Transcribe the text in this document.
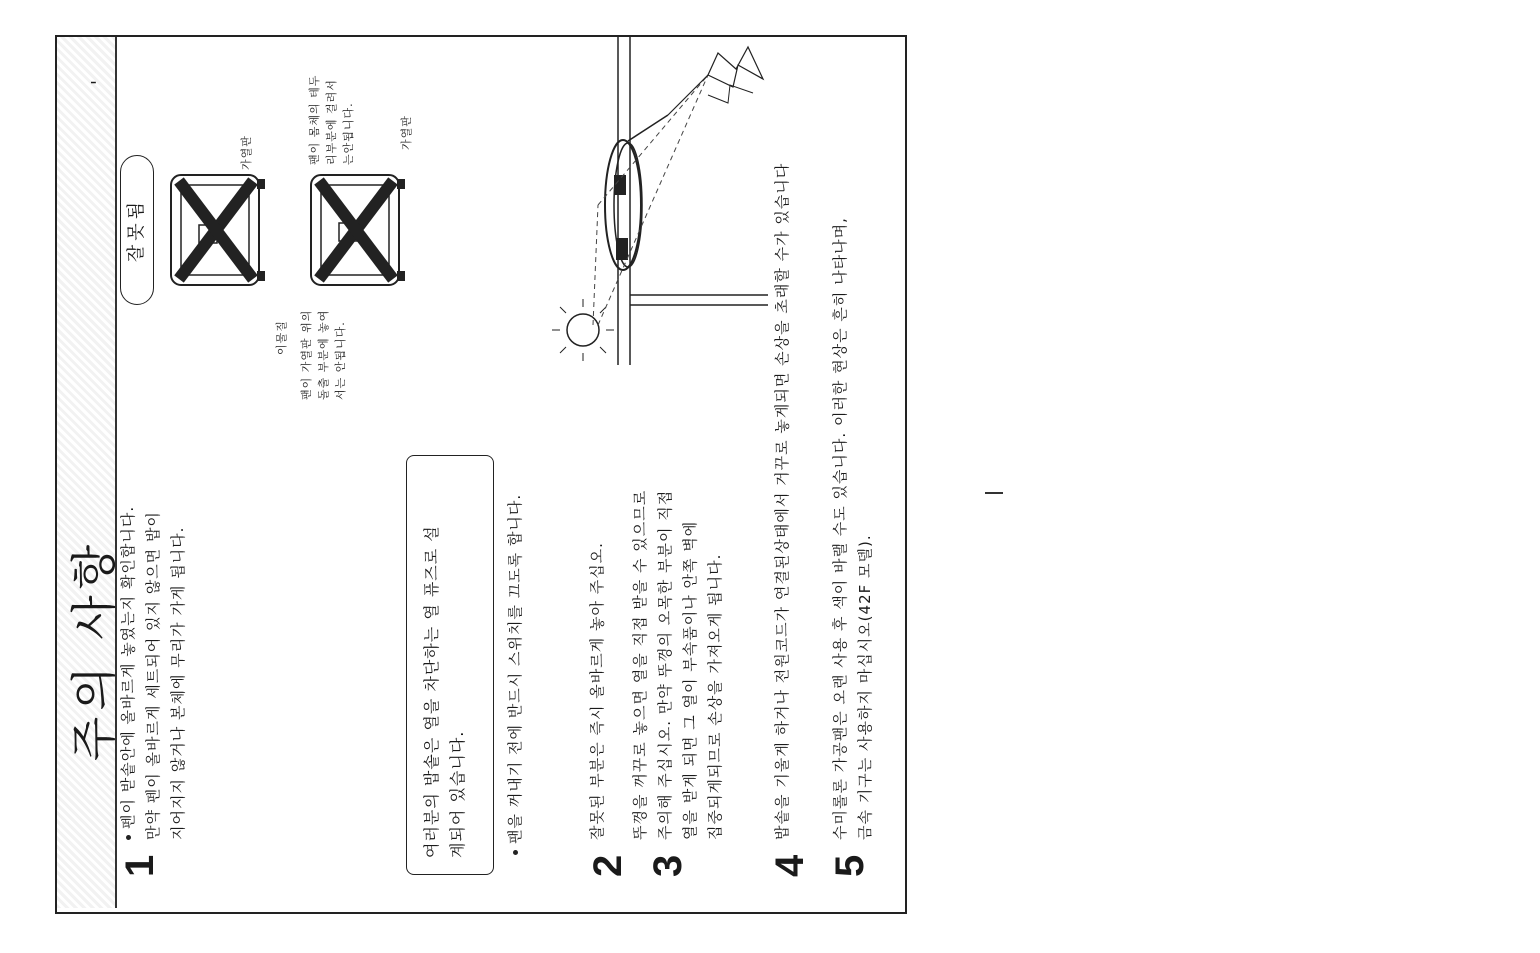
주의 사항
'
1
펜이 받솥안에 올바르게 놓였는지 확인합니다. 만약 펜이 올바르게 세트되어 있지 않으면 밥이 지어지지 않거나 본체에 무리가 가게 됩니다.	여러분의 밥솥은 열을 차단하는 열 퓨즈로 설 계되어 있습니다.	팬을 꺼내기 전에 반드시 스위치를 끄도록 합니다.
2
잘못된 부분은 즉시 올바르게 놓아 주십오.
3
뚜껑을 꺼꾸로 놓으면 열을 직접 받을 수 있으므로 주의해 주십시오. 만약 뚜껑의 오목한 부분이 직접 열을 받게 되면 그 열이 부속품이나 안쪽 벽에 집중되게되므로 손상을 가져오게 됩니다.
4
밥솥을 기울게 하거나 전원코드가 연결된상태에서 거꾸로 놓게되면 손상을 초래할 수가 있습니다
5
수미롤론 가공팬은 오랜 사용 후 색이 바랠 수도 있습니다. 이러한 현상은 흔히 나타나며, 금속 기구는 사용하지 마십시오(42F 모델).
잘못됨
이물질
가열판
팬이 가열판 위의 돌출 부분에 놓여 서는 안됩니다.
팬이 몸체의 테두 리부분에 걸려서 는안됩니다.	가열판
